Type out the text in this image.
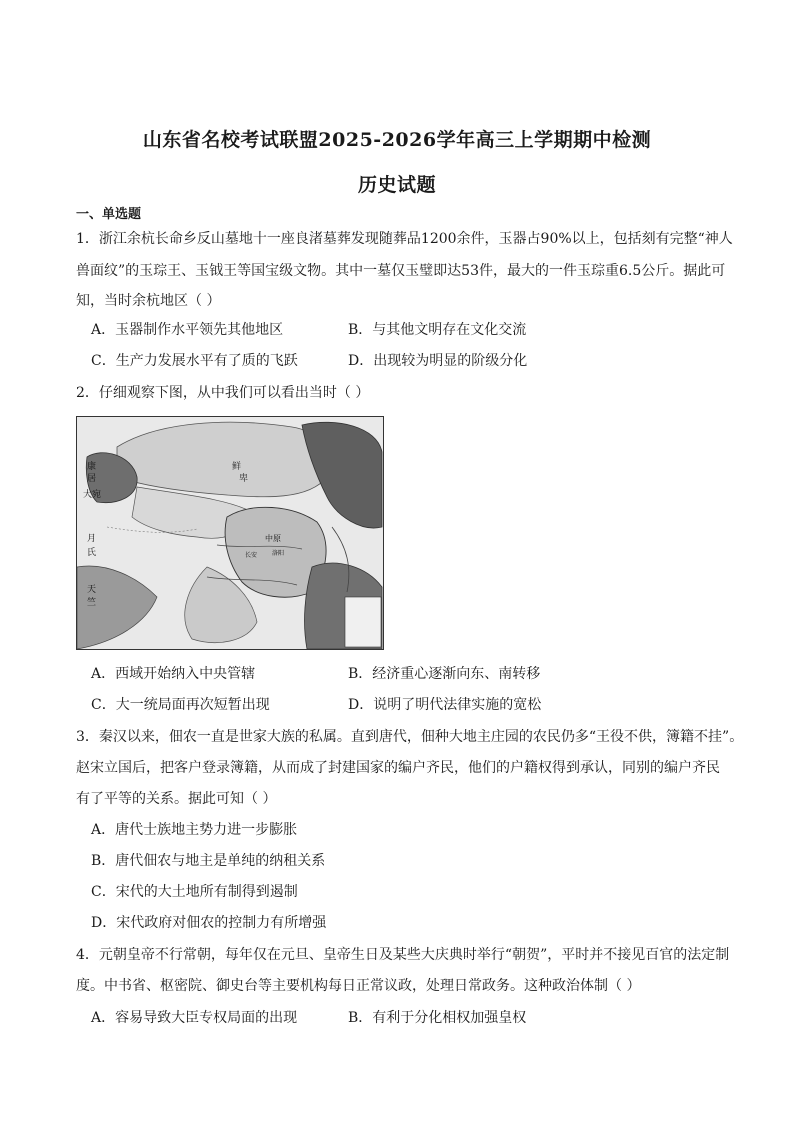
山东省名校考试联盟2025-2026学年高三上学期期中检测
历史试题
一、单选题
1．浙江余杭长命乡反山墓地十一座良渚墓葬发现随葬品1200余件，玉器占90%以上，包括刻有完整“神人
兽面纹”的玉琮王、玉钺王等国宝级文物。其中一墓仅玉璧即达53件，最大的一件玉琮重6.5公斤。据此可
知，当时余杭地区（ ）
A．玉器制作水平领先其他地区	B．与其他文明存在文化交流
C．生产力发展水平有了质的飞跃	D．出现较为明显的阶级分化
2．仔细观察下图，从中我们可以看出当时（ ）
鲜
卑
中原
长安 洛阳
康
居
大宛
月
氏
天
竺
A．西域开始纳入中央管辖	B．经济重心逐渐向东、南转移
C．大一统局面再次短暂出现	D．说明了明代法律实施的宽松
3．秦汉以来，佃农一直是世家大族的私属。直到唐代，佃种大地主庄园的农民仍多“王役不供，簿籍不挂”。
赵宋立国后，把客户登录簿籍，从而成了封建国家的编户齐民，他们的户籍权得到承认，同别的编户齐民
有了平等的关系。据此可知（ ）
A．唐代士族地主势力进一步膨胀
B．唐代佃农与地主是单纯的纳租关系
C．宋代的大土地所有制得到遏制
D．宋代政府对佃农的控制力有所增强
4．元朝皇帝不行常朝，每年仅在元旦、皇帝生日及某些大庆典时举行“朝贺”，平时并不接见百官的法定制
度。中书省、枢密院、御史台等主要机构每日正常议政，处理日常政务。这种政治体制（ ）
A．容易导致大臣专权局面的出现	B．有利于分化相权加强皇权
